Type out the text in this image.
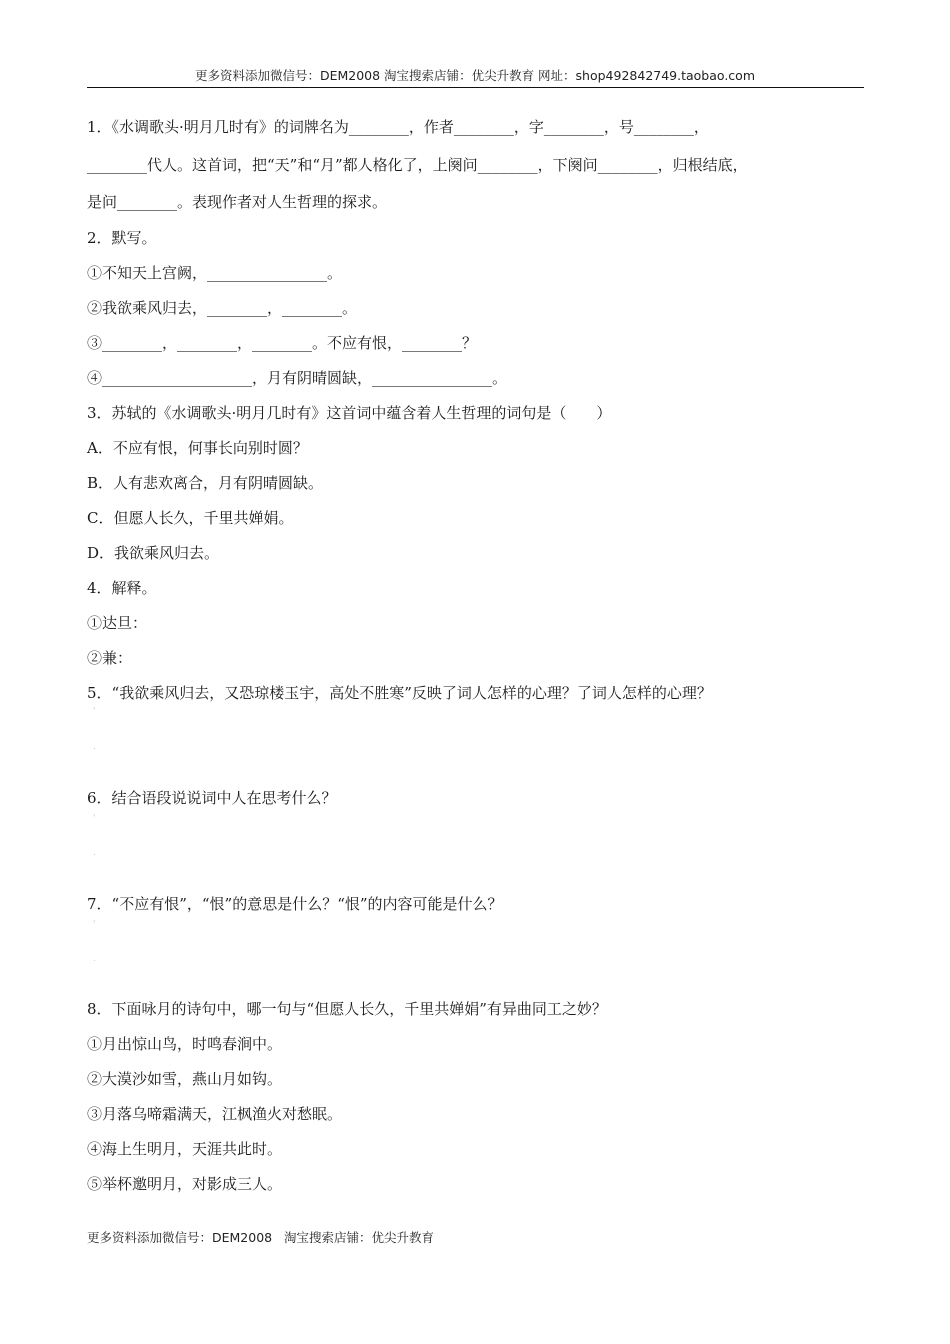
更多资料添加微信号：DEM2008 淘宝搜索店铺：优尖升教育 网址：shop492842749.taobao.com
1．《水调歌头·明月几时有》的词牌名为________，作者________，字________，号________，
________代人。这首词，把“天”和“月”都人格化了，上阕问________，下阕问________，归根结底，
是问________。表现作者对人生哲理的探求。
2．默写。
①不知天上宫阙，________________。
②我欲乘风归去，________，________。
③________，________，________。不应有恨，________？
④____________________，月有阴晴圆缺，________________。
3．苏轼的《水调歌头·明月几时有》这首词中蕴含着人生哲理的词句是（　　）
A．不应有恨，何事长向别时圆？
B．人有悲欢离合，月有阴晴圆缺。
C．但愿人长久，千里共婵娟。
D．我欲乘风归去。
4．解释。
①达旦：
②兼：
5．“我欲乘风归去，又恐琼楼玉宇，高处不胜寒”反映了词人怎样的心理？了词人怎样的心理？
'
.
6．结合语段说说词中人在思考什么？
'
.
7．“不应有恨”，“恨”的意思是什么？“恨”的内容可能是什么？
'
.
8．下面咏月的诗句中，哪一句与“但愿人长久，千里共婵娟”有异曲同工之妙？
①月出惊山鸟，时鸣春涧中。
②大漠沙如雪，燕山月如钩。
③月落乌啼霜满天，江枫渔火对愁眠。
④海上生明月，天涯共此时。
⑤举杯邀明月，对影成三人。
更多资料添加微信号：DEM2008   淘宝搜索店铺：优尖升教育
